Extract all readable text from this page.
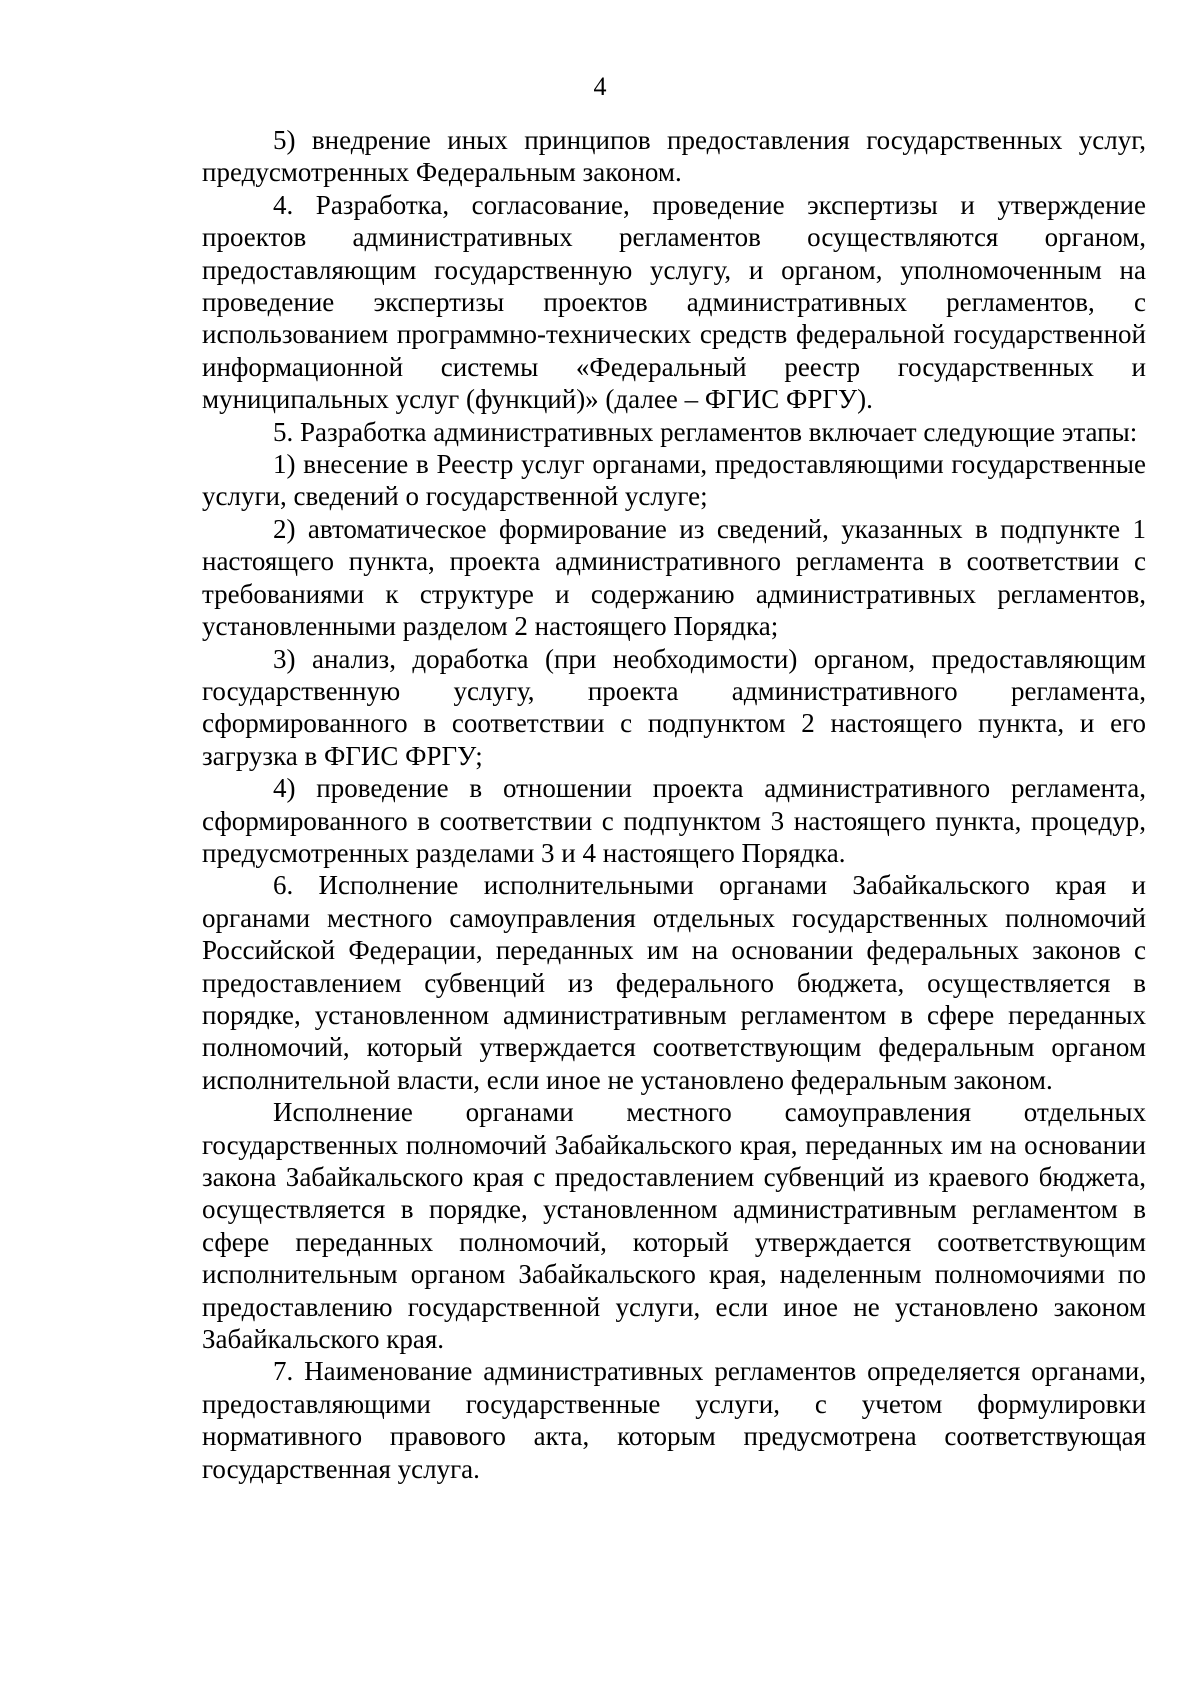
4

5) внедрение иных принципов предоставления государственных услуг, предусмотренных Федеральным законом.

4. Разработка, согласование, проведение экспертизы и утверждение проектов административных регламентов осуществляются органом, предоставляющим государственную услугу, и органом, уполномоченным на проведение экспертизы проектов административных регламентов, с использованием программно-технических средств федеральной государственной информационной системы «Федеральный реестр государственных и муниципальных услуг (функций)» (далее – ФГИС ФРГУ).

5. Разработка административных регламентов включает следующие этапы:

1) внесение в Реестр услуг органами, предоставляющими государственные услуги, сведений о государственной услуге;

2) автоматическое формирование из сведений, указанных в подпункте 1 настоящего пункта, проекта административного регламента в соответствии с требованиями к структуре и содержанию административных регламентов, установленными разделом 2 настоящего Порядка;

3) анализ, доработка (при необходимости) органом, предоставляющим государственную услугу, проекта административного регламента, сформированного в соответствии с подпунктом 2 настоящего пункта, и его загрузка в ФГИС ФРГУ;

4) проведение в отношении проекта административного регламента, сформированного в соответствии с подпунктом 3 настоящего пункта, процедур, предусмотренных разделами 3 и 4 настоящего Порядка.

6. Исполнение исполнительными органами Забайкальского края и органами местного самоуправления отдельных государственных полномочий Российской Федерации, переданных им на основании федеральных законов с предоставлением субвенций из федерального бюджета, осуществляется в порядке, установленном административным регламентом в сфере переданных полномочий, который утверждается соответствующим федеральным органом исполнительной власти, если иное не установлено федеральным законом.

Исполнение органами местного самоуправления отдельных государственных полномочий Забайкальского края, переданных им на основании закона Забайкальского края с предоставлением субвенций из краевого бюджета, осуществляется в порядке, установленном административным регламентом в сфере переданных полномочий, который утверждается соответствующим исполнительным органом Забайкальского края, наделенным полномочиями по предоставлению государственной услуги, если иное не установлено законом Забайкальского края.

7. Наименование административных регламентов определяется органами, предоставляющими государственные услуги, с учетом формулировки нормативного правового акта, которым предусмотрена соответствующая государственная услуга.
